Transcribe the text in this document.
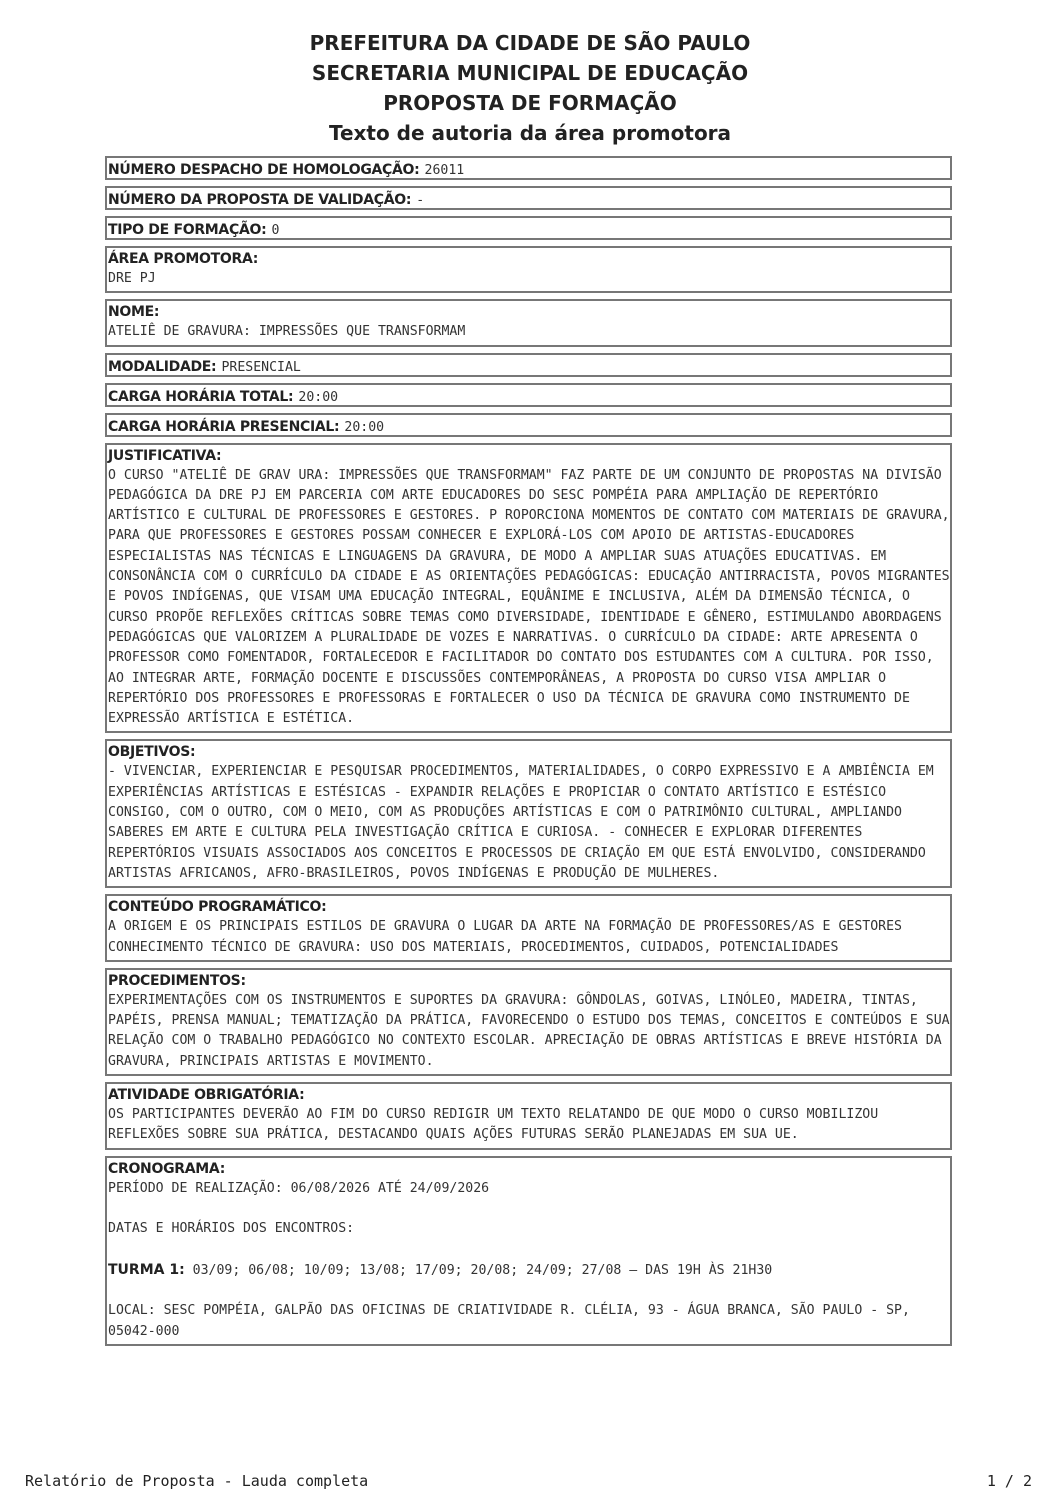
PREFEITURA DA CIDADE DE SÃO PAULO
SECRETARIA MUNICIPAL DE EDUCAÇÃO
PROPOSTA DE FORMAÇÃO
Texto de autoria da área promotora
NÚMERO DESPACHO DE HOMOLOGAÇÃO: 26011
NÚMERO DA PROPOSTA DE VALIDAÇÃO: -
TIPO DE FORMAÇÃO: 0
ÁREA PROMOTORA:
DRE PJ
NOME:
ATELIÊ DE GRAVURA: IMPRESSÕES QUE TRANSFORMAM
MODALIDADE: PRESENCIAL
CARGA HORÁRIA TOTAL: 20:00
CARGA HORÁRIA PRESENCIAL: 20:00
JUSTIFICATIVA:
O CURSO "ATELIÊ DE GRAV URA: IMPRESSÕES QUE TRANSFORMAM" FAZ PARTE DE UM CONJUNTO DE PROPOSTAS NA DIVISÃO PEDAGÓGICA DA DRE PJ EM PARCERIA COM ARTE EDUCADORES DO SESC POMPÉIA PARA AMPLIAÇÃO DE REPERTÓRIO ARTÍSTICO E CULTURAL DE PROFESSORES E GESTORES. P ROPORCIONA MOMENTOS DE CONTATO COM MATERIAIS DE GRAVURA, PARA QUE PROFESSORES E GESTORES POSSAM CONHECER E EXPLORÁ-LOS COM APOIO DE ARTISTAS-EDUCADORES ESPECIALISTAS NAS TÉCNICAS E LINGUAGENS DA GRAVURA, DE MODO A AMPLIAR SUAS ATUAÇÕES EDUCATIVAS. EM CONSONÂNCIA COM O CURRÍCULO DA CIDADE E AS ORIENTAÇÕES PEDAGÓGICAS: EDUCAÇÃO ANTIRRACISTA, POVOS MIGRANTES E POVOS INDÍGENAS, QUE VISAM UMA EDUCAÇÃO INTEGRAL, EQUÂNIME E INCLUSIVA, ALÉM DA DIMENSÃO TÉCNICA, O CURSO PROPÕE REFLEXÕES CRÍTICAS SOBRE TEMAS COMO DIVERSIDADE, IDENTIDADE E GÊNERO, ESTIMULANDO ABORDAGENS PEDAGÓGICAS QUE VALORIZEM A PLURALIDADE DE VOZES E NARRATIVAS. O CURRÍCULO DA CIDADE: ARTE APRESENTA O PROFESSOR COMO FOMENTADOR, FORTALECEDOR E FACILITADOR DO CONTATO DOS ESTUDANTES COM A CULTURA. POR ISSO, AO INTEGRAR ARTE, FORMAÇÃO DOCENTE E DISCUSSÕES CONTEMPORÂNEAS, A PROPOSTA DO CURSO VISA AMPLIAR O REPERTÓRIO DOS PROFESSORES E PROFESSORAS E FORTALECER O USO DA TÉCNICA DE GRAVURA COMO INSTRUMENTO DE EXPRESSÃO ARTÍSTICA E ESTÉTICA.
OBJETIVOS:
- VIVENCIAR, EXPERIENCIAR E PESQUISAR PROCEDIMENTOS, MATERIALIDADES, O CORPO EXPRESSIVO E A AMBIÊNCIA EM EXPERIÊNCIAS ARTÍSTICAS E ESTÉSICAS - EXPANDIR RELAÇÕES E PROPICIAR O CONTATO ARTÍSTICO E ESTÉSICO CONSIGO, COM O OUTRO, COM O MEIO, COM AS PRODUÇÕES ARTÍSTICAS E COM O PATRIMÔNIO CULTURAL, AMPLIANDO SABERES EM ARTE E CULTURA PELA INVESTIGAÇÃO CRÍTICA E CURIOSA. - CONHECER E EXPLORAR DIFERENTES REPERTÓRIOS VISUAIS ASSOCIADOS AOS CONCEITOS E PROCESSOS DE CRIAÇÃO EM QUE ESTÁ ENVOLVIDO, CONSIDERANDO ARTISTAS AFRICANOS, AFRO-BRASILEIROS, POVOS INDÍGENAS E PRODUÇÃO DE MULHERES.
CONTEÚDO PROGRAMÁTICO:
A ORIGEM E OS PRINCIPAIS ESTILOS DE GRAVURA O LUGAR DA ARTE NA FORMAÇÃO DE PROFESSORES/AS E GESTORES CONHECIMENTO TÉCNICO DE GRAVURA: USO DOS MATERIAIS, PROCEDIMENTOS, CUIDADOS, POTENCIALIDADES
PROCEDIMENTOS:
EXPERIMENTAÇÕES COM OS INSTRUMENTOS E SUPORTES DA GRAVURA: GÔNDOLAS, GOIVAS, LINÓLEO, MADEIRA, TINTAS, PAPÉIS, PRENSA MANUAL; TEMATIZAÇÃO DA PRÁTICA, FAVORECENDO O ESTUDO DOS TEMAS, CONCEITOS E CONTEÚDOS E SUA RELAÇÃO COM O TRABALHO PEDAGÓGICO NO CONTEXTO ESCOLAR. APRECIAÇÃO DE OBRAS ARTÍSTICAS E BREVE HISTÓRIA DA GRAVURA, PRINCIPAIS ARTISTAS E MOVIMENTO.
ATIVIDADE OBRIGATÓRIA:
OS PARTICIPANTES DEVERÃO AO FIM DO CURSO REDIGIR UM TEXTO RELATANDO DE QUE MODO O CURSO MOBILIZOU REFLEXÕES SOBRE SUA PRÁTICA, DESTACANDO QUAIS AÇÕES FUTURAS SERÃO PLANEJADAS EM SUA UE.
CRONOGRAMA:
PERÍODO DE REALIZAÇÃO: 06/08/2026 ATÉ 24/09/2026
DATAS E HORÁRIOS DOS ENCONTROS:
TURMA 1: 03/09; 06/08; 10/09; 13/08; 17/09; 20/08; 24/09; 27/08 — DAS 19H ÀS 21H30
LOCAL: SESC POMPÉIA, GALPÃO DAS OFICINAS DE CRIATIVIDADE R. CLÉLIA, 93 - ÁGUA BRANCA, SÃO PAULO - SP, 05042-000
Relatório de Proposta - Lauda completa	1 / 2
